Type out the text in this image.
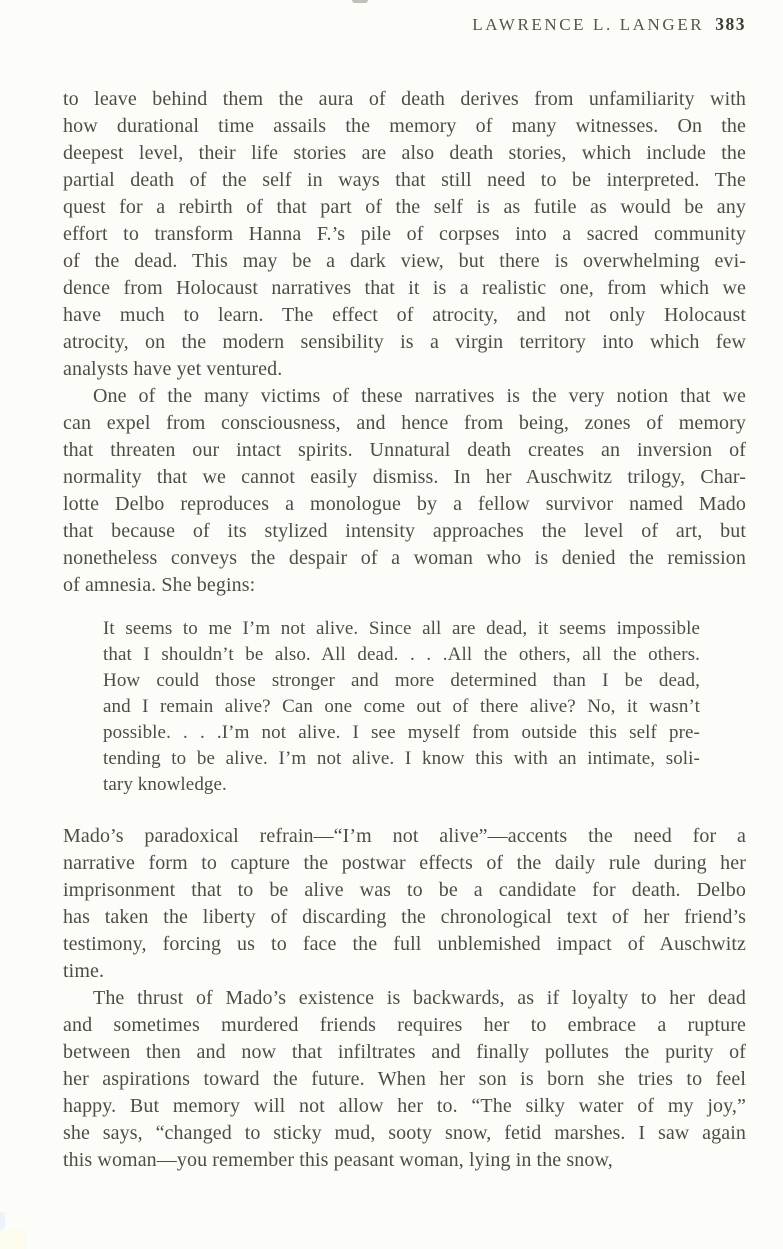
LAWRENCE L. LANGER 383

to leave behind them the aura of death derives from unfamiliarity with
how durational time assails the memory of many witnesses. On the
deepest level, their life stories are also death stories, which include the
partial death of the self in ways that still need to be interpreted. The
quest for a rebirth of that part of the self is as futile as would be any
effort to transform Hanna F.’s pile of corpses into a sacred community
of the dead. This may be a dark view, but there is overwhelming evi-
dence from Holocaust narratives that it is a realistic one, from which we
have much to learn. The effect of atrocity, and not only Holocaust
atrocity, on the modern sensibility is a virgin territory into which few
analysts have yet ventured.

One of the many victims of these narratives is the very notion that we
can expel from consciousness, and hence from being, zones of memory
that threaten our intact spirits. Unnatural death creates an inversion of
normality that we cannot easily dismiss. In her Auschwitz trilogy, Char-
lotte Delbo reproduces a monologue by a fellow survivor named Mado
that because of its stylized intensity approaches the level of art, but
nonetheless conveys the despair of a woman who is denied the remission
of amnesia. She begins:

It seems to me I’m not alive. Since all are dead, it seems impossible
that I shouldn’t be also. All dead. . . .All the others, all the others.
How could those stronger and more determined than I be dead,
and I remain alive? Can one come out of there alive? No, it wasn’t
possible. . . .I’m not alive. I see myself from outside this self pre-
tending to be alive. I’m not alive. I know this with an intimate, soli-
tary knowledge.

Mado’s paradoxical refrain—“I’m not alive”—accents the need for a
narrative form to capture the postwar effects of the daily rule during her
imprisonment that to be alive was to be a candidate for death. Delbo
has taken the liberty of discarding the chronological text of her friend’s
testimony, forcing us to face the full unblemished impact of Auschwitz
time.

The thrust of Mado’s existence is backwards, as if loyalty to her dead
and sometimes murdered friends requires her to embrace a rupture
between then and now that infiltrates and finally pollutes the purity of
her aspirations toward the future. When her son is born she tries to feel
happy. But memory will not allow her to. “The silky water of my joy,”
she says, “changed to sticky mud, sooty snow, fetid marshes. I saw again
this woman—you remember this peasant woman, lying in the snow,
